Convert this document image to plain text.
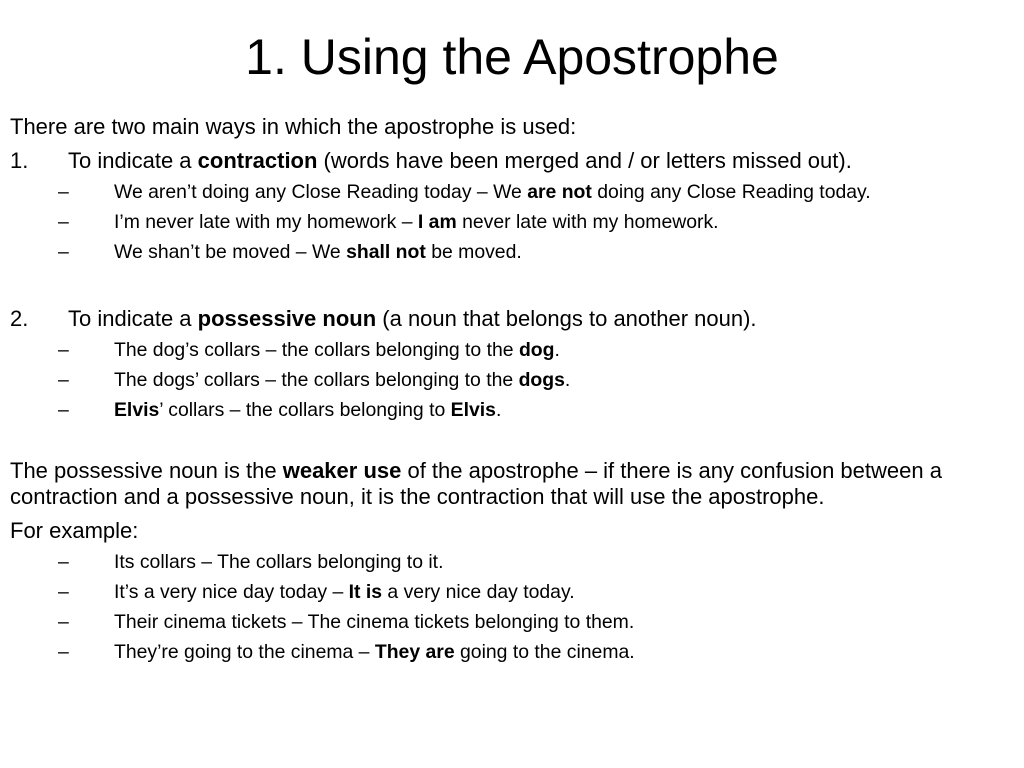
1. Using the Apostrophe

There are two main ways in which the apostrophe is used:

1.	To indicate a contraction (words have been merged and / or letters missed out).
–	We aren’t doing any Close Reading today – We are not doing any Close Reading today.
–	I’m never late with my homework – I am never late with my homework.
–	We shan’t be moved – We shall not be moved.
2.	To indicate a possessive noun (a noun that belongs to another noun).
–	The dog’s collars – the collars belonging to the dog.
–	The dogs’ collars – the collars belonging to the dogs.
–	Elvis’ collars – the collars belonging to Elvis.

The possessive noun is the weaker use of the apostrophe – if there is any confusion between a contraction and a possessive noun, it is the contraction that will use the apostrophe.

For example:

–	Its collars – The collars belonging to it.
–	It’s a very nice day today – It is a very nice day today.
–	Their cinema tickets – The cinema tickets belonging to them.
–	They’re going to the cinema – They are going to the cinema.
